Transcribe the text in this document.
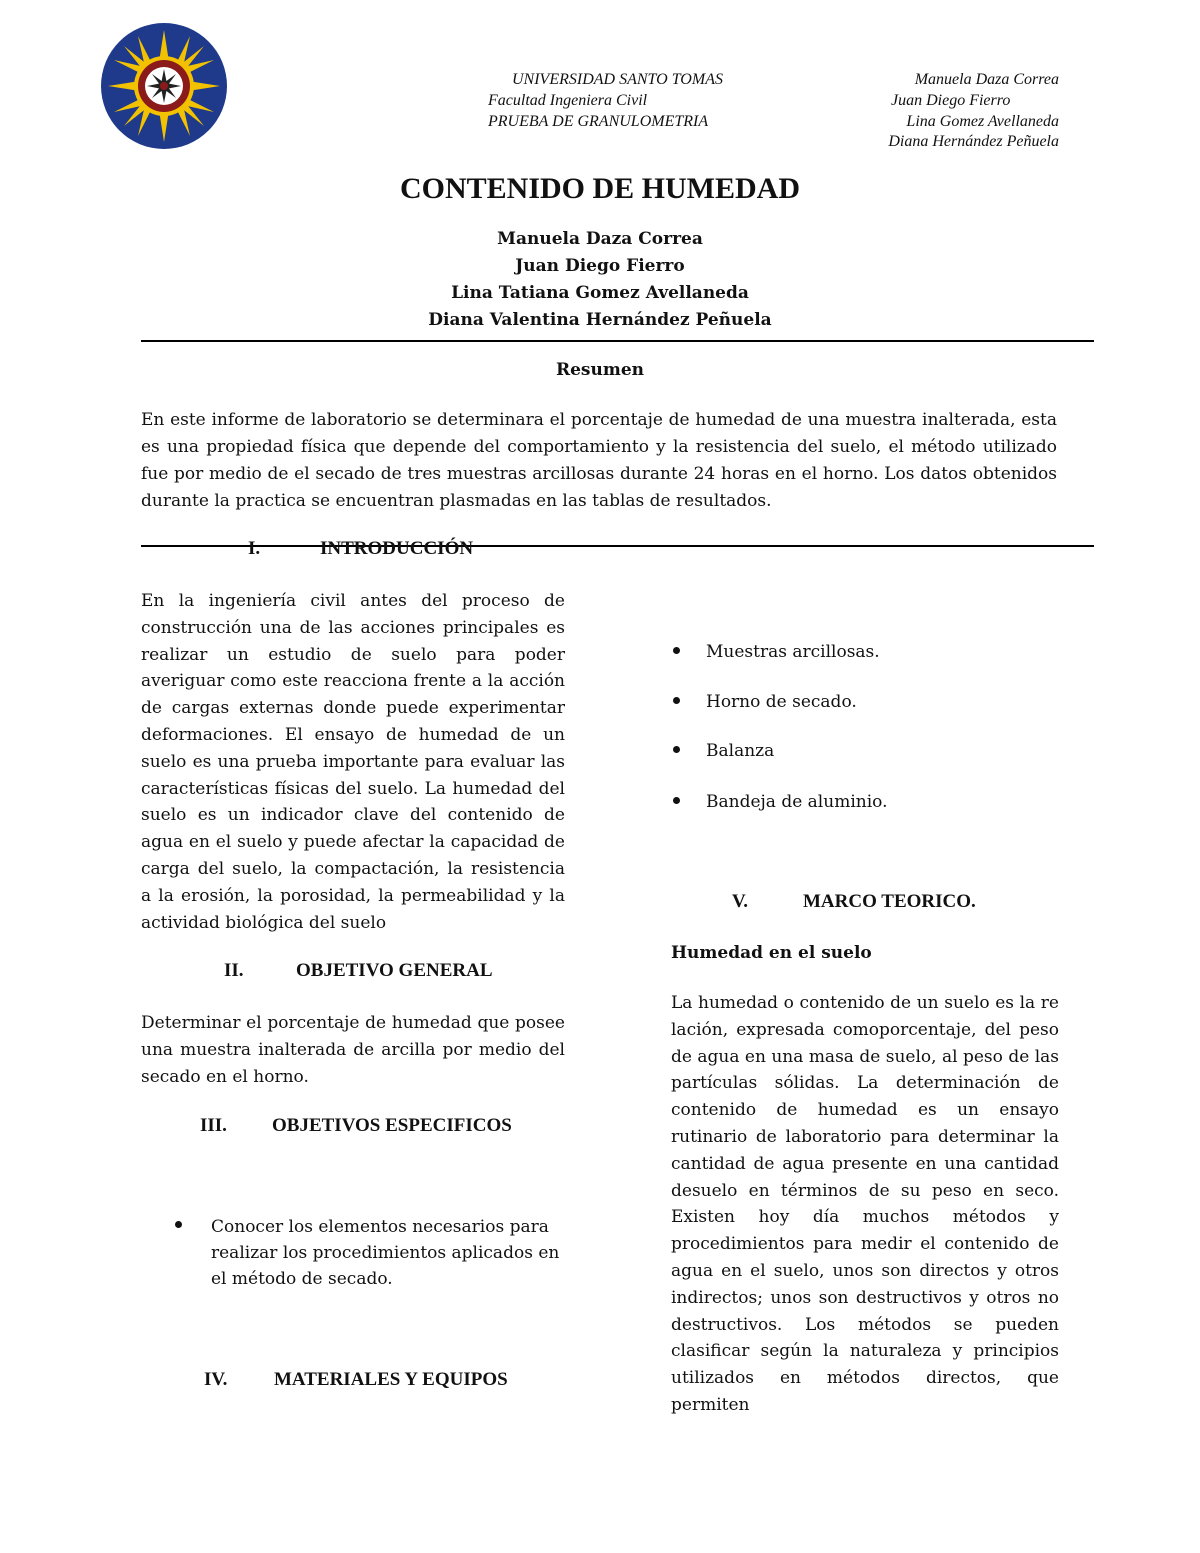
UNIVERSIDAD SANTO TOMAS
Facultad Ingeniera Civil
PRUEBA DE GRANULOMETRIA
Manuela Daza Correa
Juan Diego Fierro
Lina Gomez Avellaneda
Diana Hernández Peñuela
CONTENIDO DE HUMEDAD
Manuela Daza Correa
Juan Diego Fierro
Lina Tatiana Gomez Avellaneda
Diana Valentina Hernández Peñuela
Resumen
En este informe de laboratorio se determinara el porcentaje de humedad de una muestra inalterada, esta es una propiedad física que depende del comportamiento y la resistencia del suelo, el método utilizado fue por medio de el secado de tres muestras arcillosas durante 24 horas en el horno. Los datos obtenidos durante la practica se encuentran plasmadas en las tablas de resultados.
I.	INTRODUCCIÓN
En la ingeniería civil antes del proceso de construcción una de las acciones principales es realizar un estudio de suelo para poder averiguar como este reacciona frente a la acción de cargas externas donde puede experimentar deformaciones. El ensayo de humedad de un suelo es una prueba importante para evaluar las características físicas del suelo. La humedad del suelo es un indicador clave del contenido de agua en el suelo y puede afectar la capacidad de carga del suelo, la compactación, la resistencia a la erosión, la porosidad, la permeabilidad y la actividad biológica del suelo
II.	OBJETIVO GENERAL
Determinar el porcentaje de humedad que posee una muestra inalterada de arcilla por medio del secado en el horno.
III. OBJETIVOS ESPECIFICOS
Conocer los elementos necesarios para realizar los procedimientos aplicados en el método de secado.
IV. MATERIALES Y EQUIPOS
Muestras arcillosas.
Horno de secado.
Balanza
Bandeja de aluminio.
V.	MARCO TEORICO.
Humedad en el suelo
La humedad o contenido de un suelo es la re lación, expresada comoporcentaje, del peso de agua en una masa de suelo, al peso de las partículas sólidas. La determinación de contenido de humedad es un ensayo rutinario de laboratorio para determinar la cantidad de agua presente en una cantidad desuelo en términos de su peso en seco. Existen hoy día muchos métodos y procedimientos para medir el contenido de agua en el suelo, unos son directos y otros indirectos; unos son destructivos y otros no destructivos. Los métodos se pueden clasificar según la naturaleza y principios utilizados en métodos directos, que permiten
